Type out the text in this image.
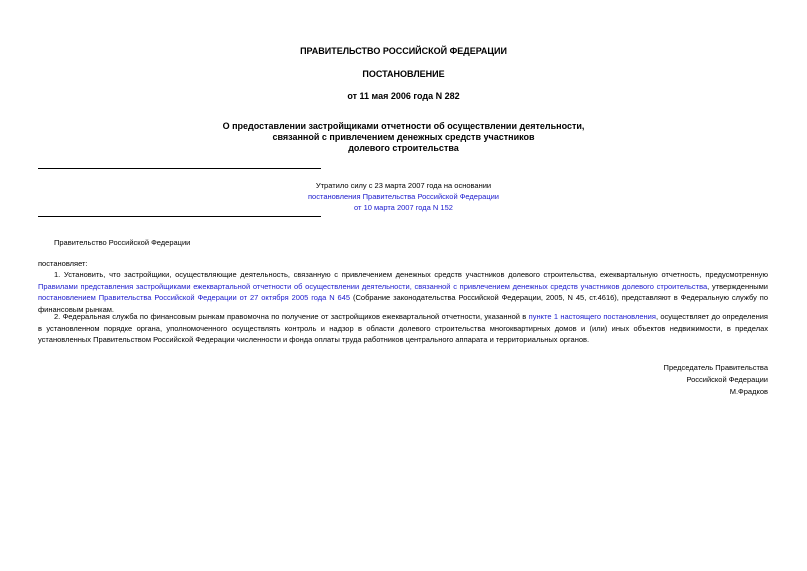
ПРАВИТЕЛЬСТВО РОССИЙСКОЙ ФЕДЕРАЦИИ
ПОСТАНОВЛЕНИЕ
от 11 мая 2006 года N 282
О предоставлении застройщиками отчетности об осуществлении деятельности,
связанной с привлечением денежных средств участников
долевого строительства
Утратило силу с 23 марта 2007 года на основании
постановления Правительства Российской Федерации
от 10 марта 2007 года N 152
Правительство Российской Федерации
постановляет:
1. Установить, что застройщики, осуществляющие деятельность, связанную с привлечением денежных средств участников долевого строительства, ежеквартальную отчетность, предусмотренную Правилами представления застройщиками ежеквартальной отчетности об осуществлении деятельности, связанной с привлечением денежных средств участников долевого строительства, утвержденными постановлением Правительства Российской Федерации от 27 октября 2005 года N 645 (Собрание законодательства Российской Федерации, 2005, N 45, ст.4616), представляют в Федеральную службу по финансовым рынкам.
2. Федеральная служба по финансовым рынкам правомочна по получение от застройщиков ежеквартальной отчетности, указанной в пункте 1 настоящего постановления, осуществляет до определения в установленном порядке органа, уполномоченного осуществлять контроль и надзор в области долевого строительства многоквартирных домов и (или) иных объектов недвижимости, в пределах установленных Правительством Российской Федерации численности и фонда оплаты труда работников центрального аппарата и территориальных органов.
Председатель Правительства
Российской Федерации
М.Фрадков
